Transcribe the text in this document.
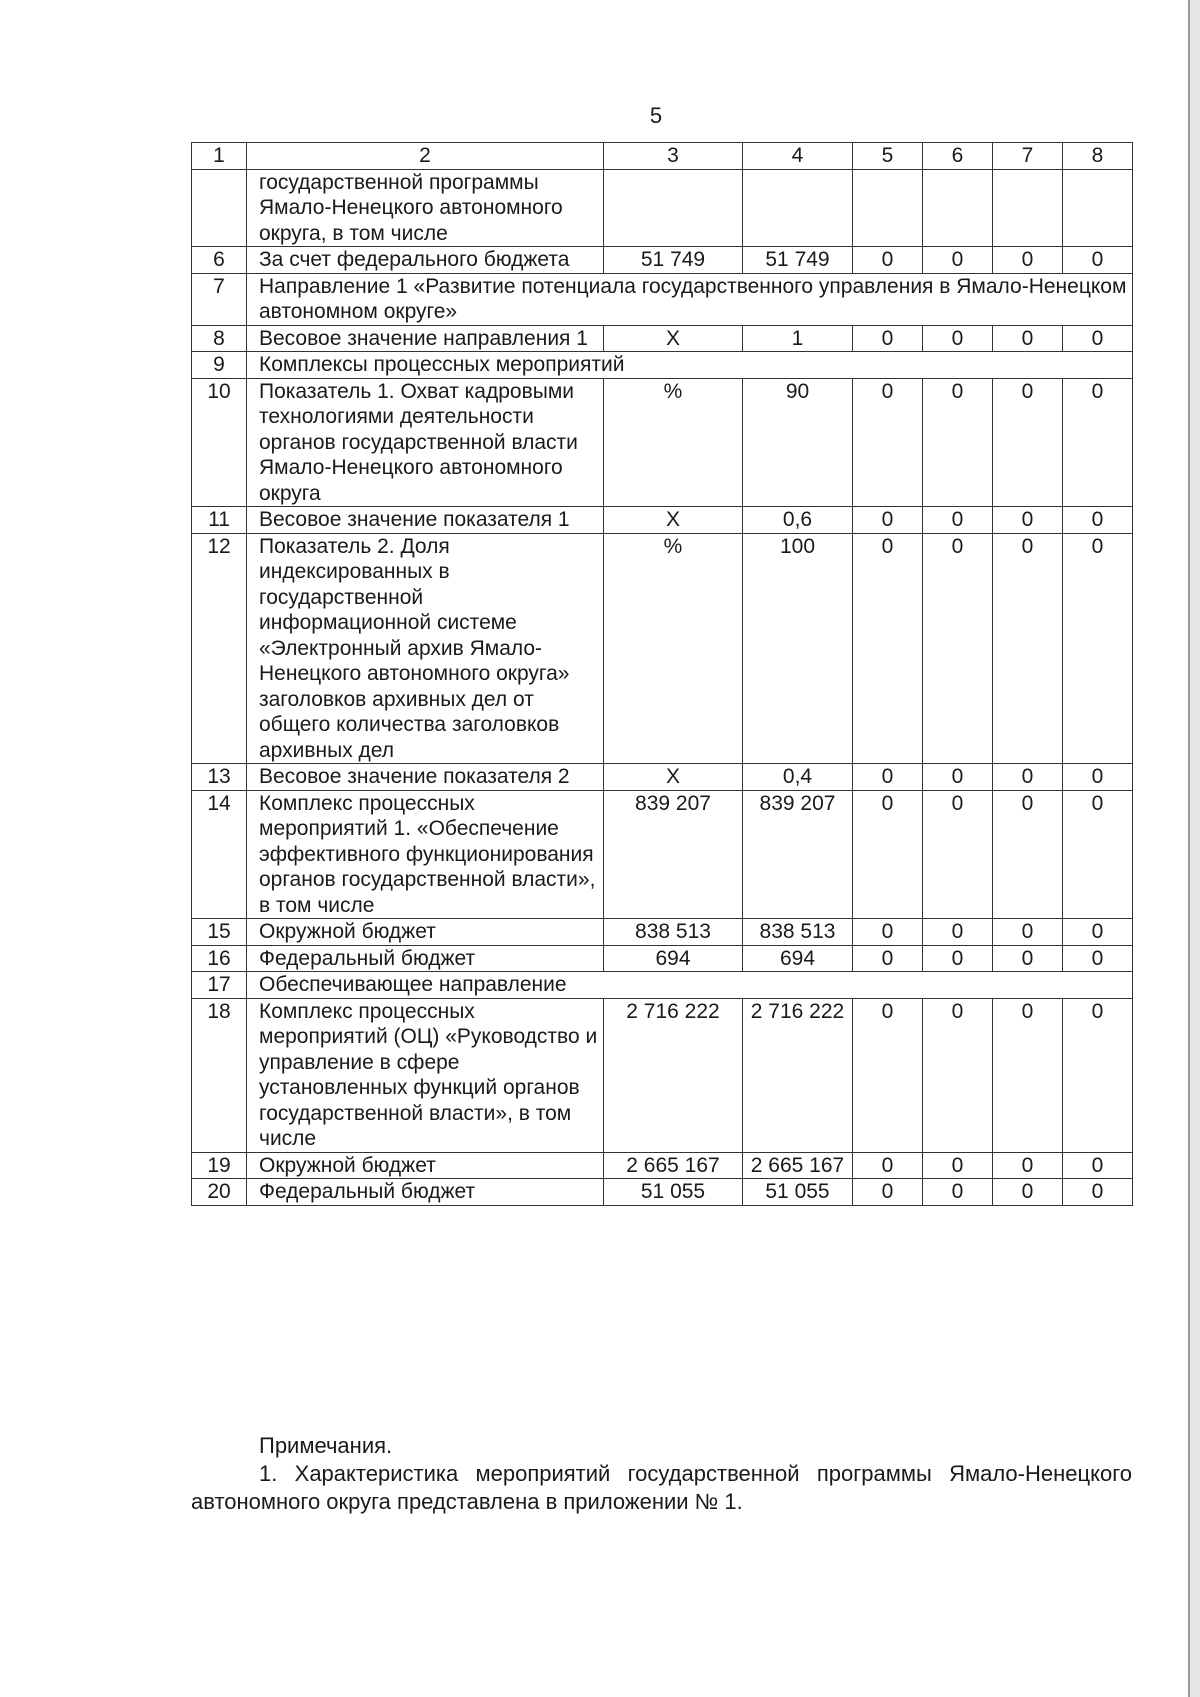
5
1	2	3	4	5	6	7	8
	государственной программы Ямало-Ненецкого автономного округа, в том числе						
6	За счет федерального бюджета	51 749	51 749	0	0	0	0
7	Направление 1 «Развитие потенциала государственного управления в Ямало-Ненецком автономном округе»						
8	Весовое значение направления 1	X	1	0	0	0	0
9	Комплексы процессных мероприятий						
10	Показатель 1. Охват кадровыми технологиями деятельности органов государственной власти Ямало-Ненецкого автономного округа	%	90	0	0	0	0
11	Весовое значение показателя 1	X	0,6	0	0	0	0
12	Показатель 2. Доля индексированных в государственной информационной системе «Электронный архив Ямало-Ненецкого автономного округа» заголовков архивных дел от общего количества заголовков архивных дел	%	100	0	0	0	0
13	Весовое значение показателя 2	X	0,4	0	0	0	0
14	Комплекс процессных мероприятий 1. «Обеспечение эффективного функционирования органов государственной власти», в том числе	839 207	839 207	0	0	0	0
15	Окружной бюджет	838 513	838 513	0	0	0	0
16	Федеральный бюджет	694	694	0	0	0	0
17	Обеспечивающее направление						
18	Комплекс процессных мероприятий (ОЦ) «Руководство и управление в сфере установленных функций органов государственной власти», в том числе	2 716 222	2 716 222	0	0	0	0
19	Окружной бюджет	2 665 167	2 665 167	0	0	0	0
20	Федеральный бюджет	51 055	51 055	0	0	0	0
Примечания.
1. Характеристика мероприятий государственной программы Ямало-Ненецкого автономного округа представлена в приложении № 1.
